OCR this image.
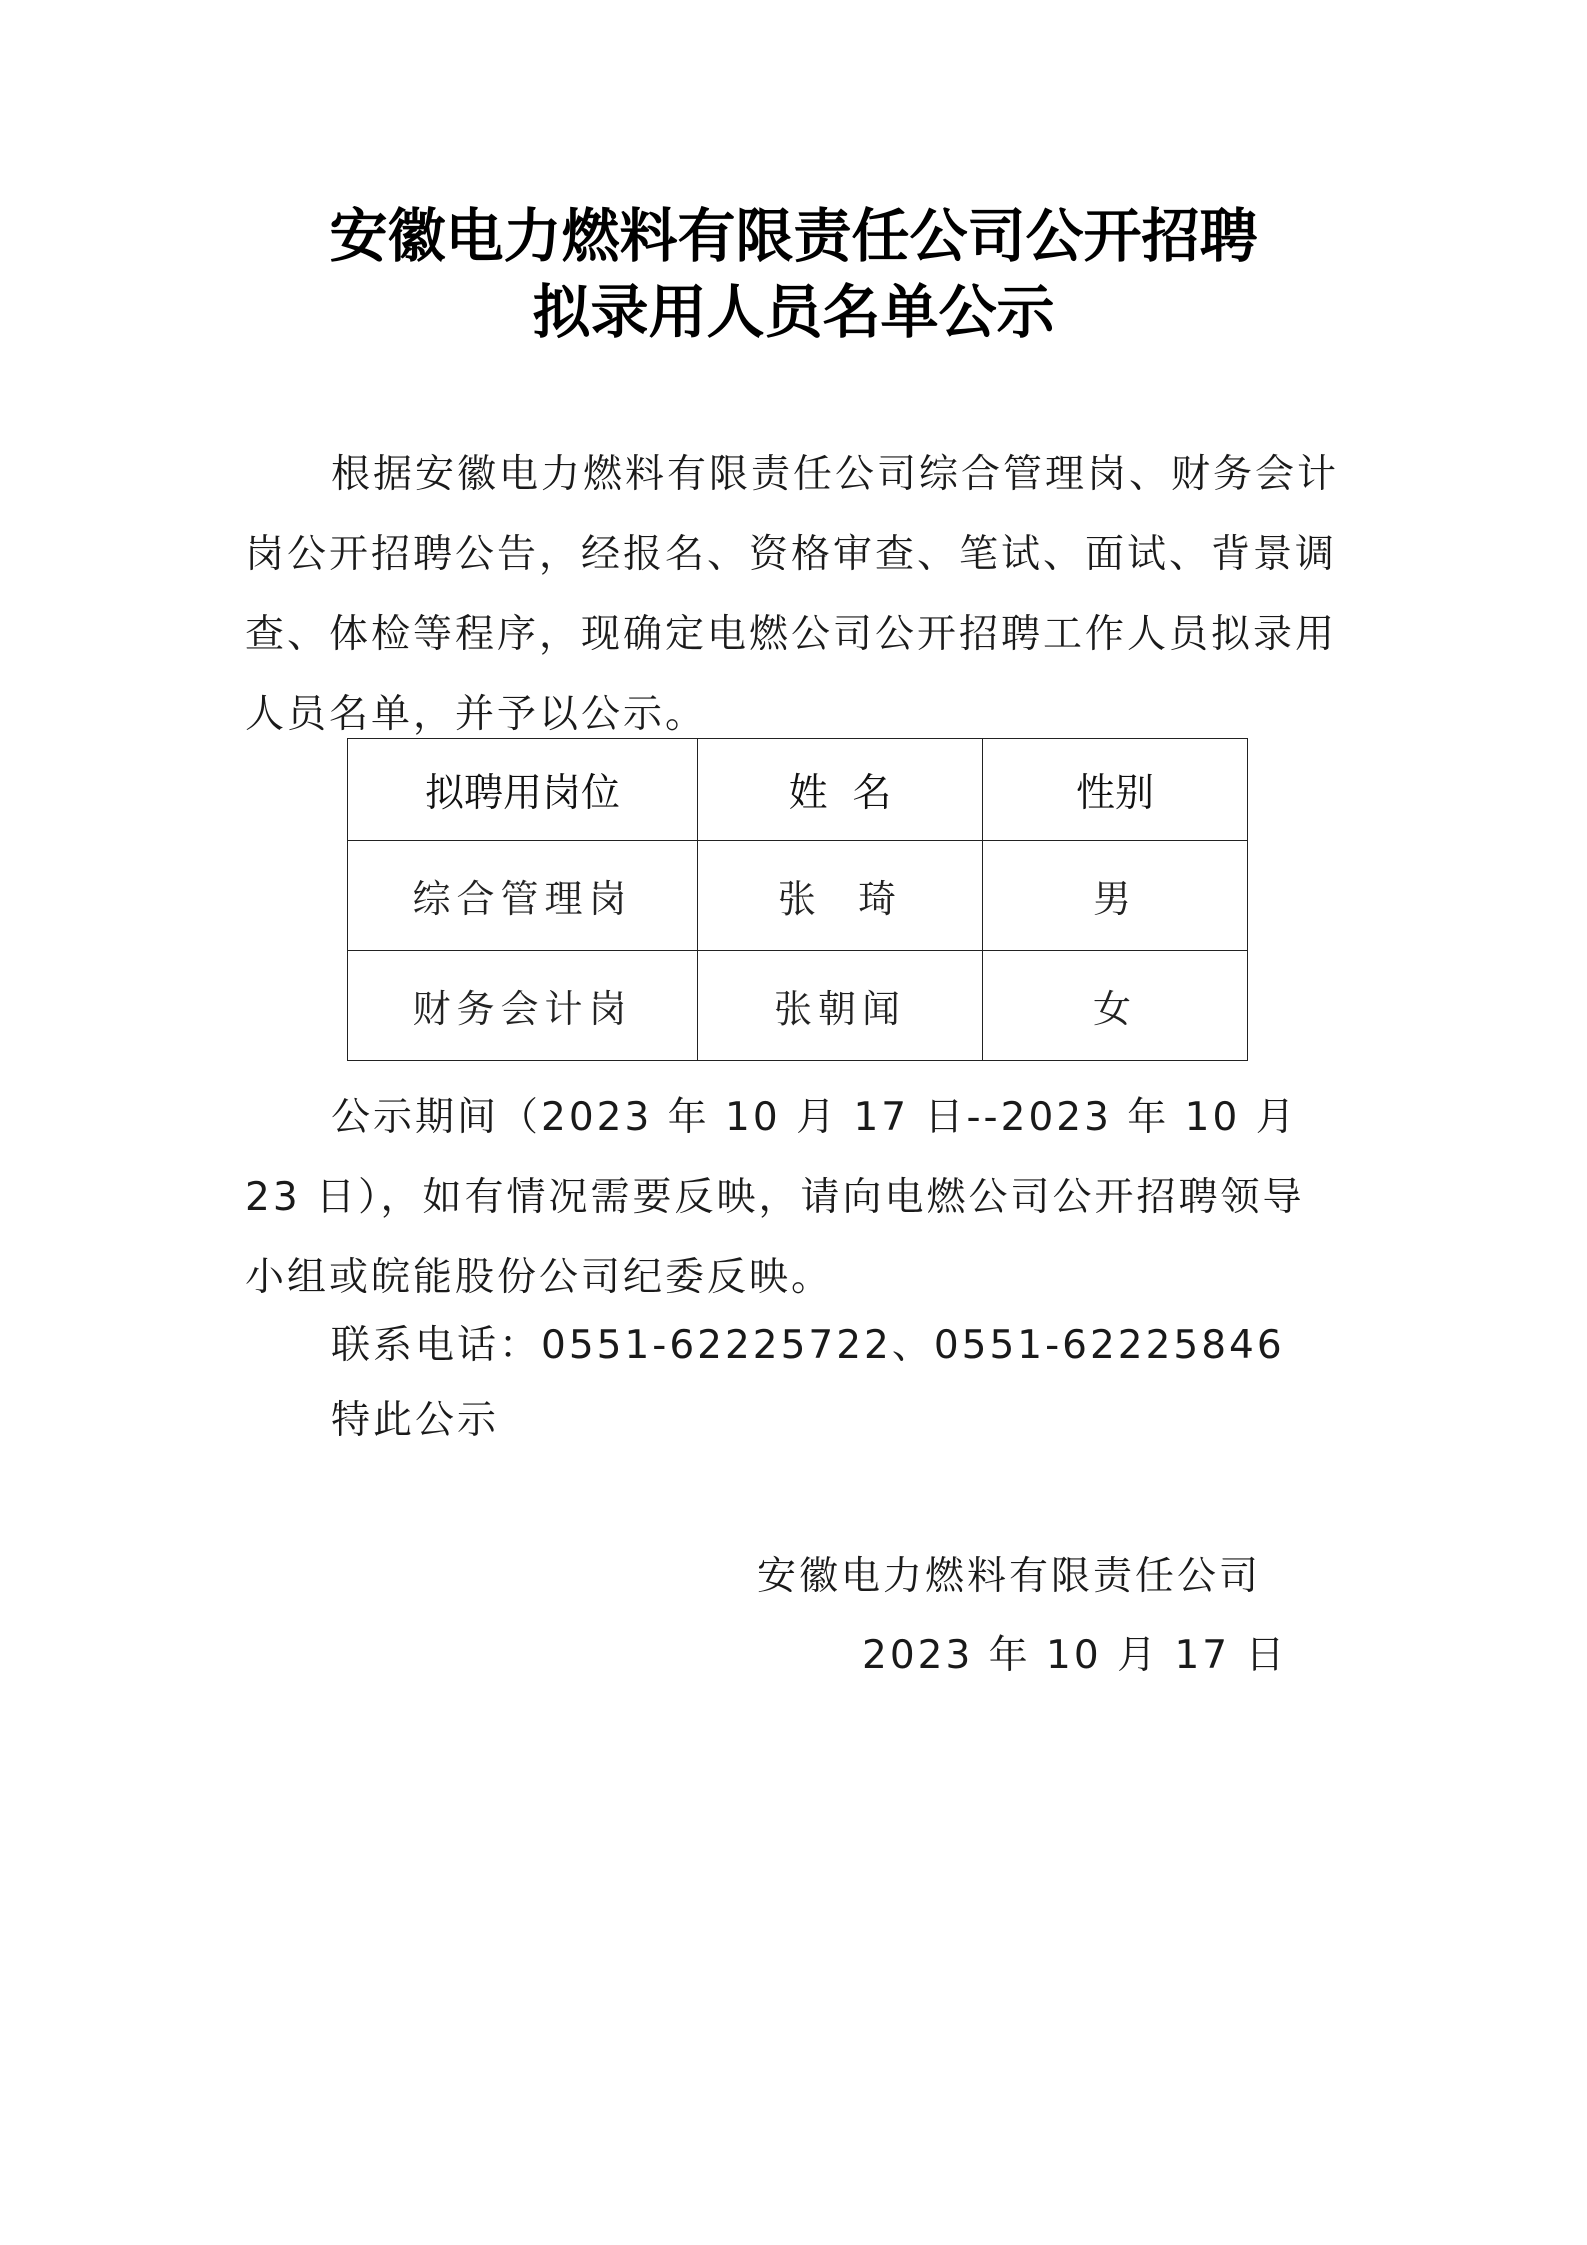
安徽电力燃料有限责任公司公开招聘
拟录用人员名单公示
根据安徽电力燃料有限责任公司综合管理岗、财务会计岗公开招聘公告，经报名、资格审查、笔试、面试、背景调查、体检等程序，现确定电燃公司公开招聘工作人员拟录用人员名单，并予以公示。
拟聘用岗位	姓  名	性别
综合管理岗	张  琦	男
财务会计岗	张朝闻	女
公示期间（2023 年 10 月 17 日--2023 年 10 月 23 日），如有情况需要反映，请向电燃公司公开招聘领导小组或皖能股份公司纪委反映。
联系电话：0551-62225722、0551-62225846
特此公示
安徽电力燃料有限责任公司
2023 年 10 月 17 日
